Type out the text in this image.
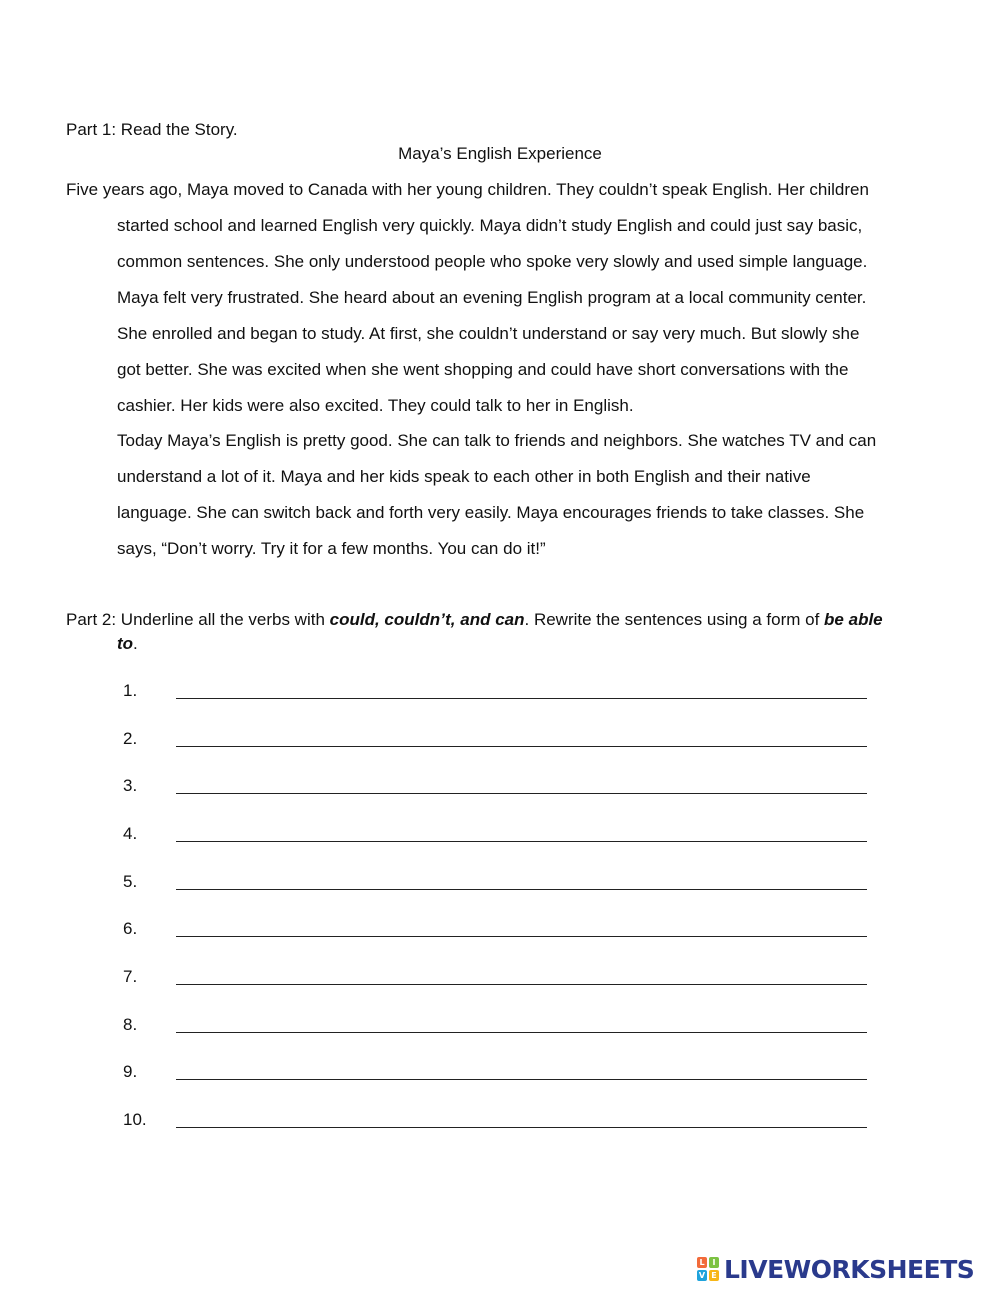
Part 1: Read the Story.
Maya’s English Experience
Five years ago, Maya moved to Canada with her young children. They couldn’t speak English. Her children
started school and learned English very quickly. Maya didn’t study English and could just say basic,
common sentences. She only understood people who spoke very slowly and used simple language.
Maya felt very frustrated. She heard about an evening English program at a local community center.
She enrolled and began to study. At first, she couldn’t understand or say very much. But slowly she
got better. She was excited when she went shopping and could have short conversations with the
cashier. Her kids were also excited. They could talk to her in English.
Today Maya’s English is pretty good. She can talk to friends and neighbors. She watches TV and can
understand a lot of it. Maya and her kids speak to each other in both English and their native
language. She can switch back and forth very easily. Maya encourages friends to take classes. She
says, “Don’t worry. Try it for a few months. You can do it!”
Part 2: Underline all the verbs with could, couldn’t, and can. Rewrite the sentences using a form of be able
to.
1.
2.
3.
4.
5.
6.
7.
8.
9.
10.
L I
V E LIVEWORKSHEETS
